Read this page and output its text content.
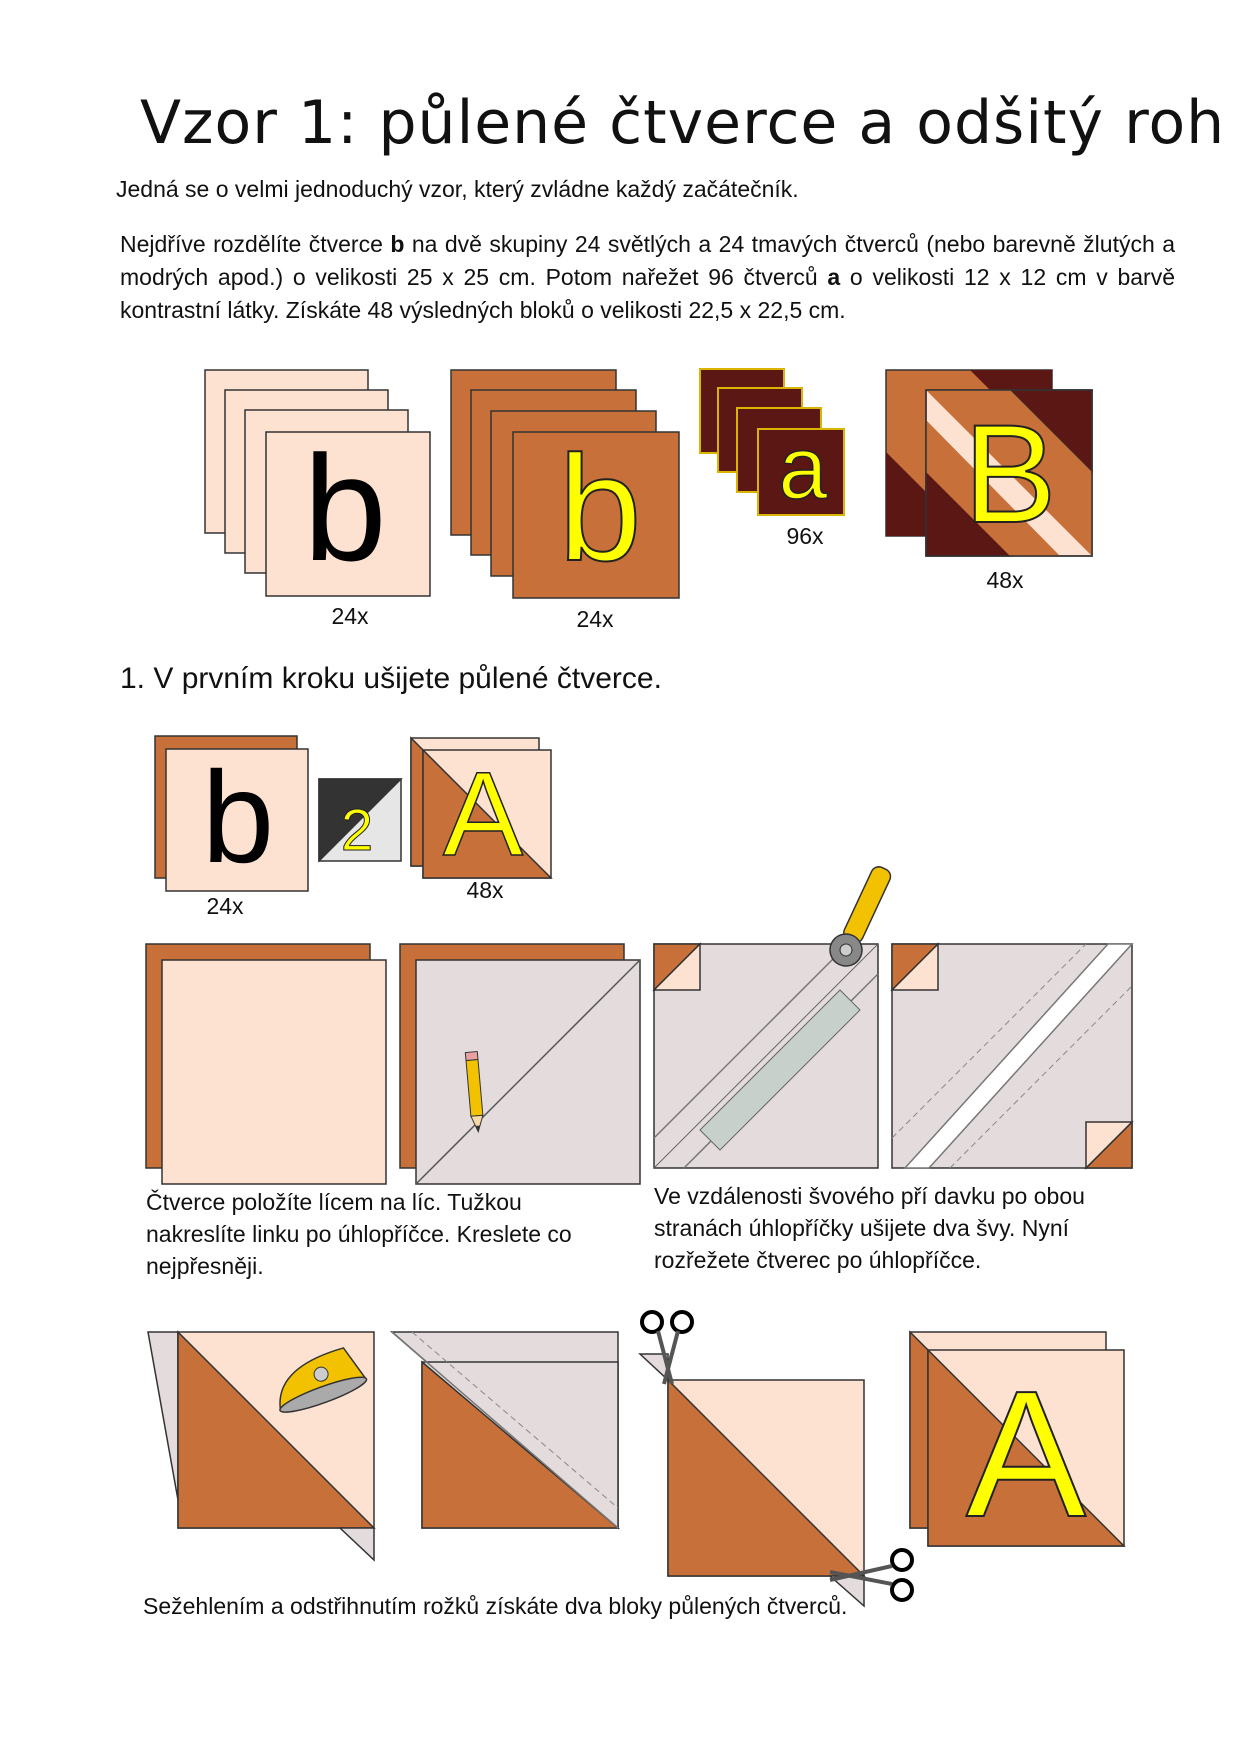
Vzor 1: půlené čtverce a odšitý roh
Jedná se o velmi jednoduchý vzor, který zvládne každý začátečník.
Nejdříve rozdělíte čtverce b na dvě skupiny 24 světlých a 24 tmavých čtverců (nebo barevně žlutých a modrých apod.) o velikosti 25 x 25 cm. Potom nařežet 96 čtverců a o velikosti 12 x 12 cm v barvě kontrastní látky. Získáte 48 výsledných bloků o velikosti 22,5 x 22,5 cm.
b
24x
b
24x
a
96x B
48x
b
24x
2 A
48x
A
1. V prvním kroku ušijete půlené čtverce.
Čtverce položíte lícem na líc. Tužkou nakreslíte linku po úhlopříčce. Kreslete co nejpřesněji.
Ve vzdálenosti švového pří davku po obou stranách úhlopříčky ušijete dva švy. Nyní rozřežete čtverec po úhlopříčce.
Sežehlením a odstřihnutím rožků získáte dva bloky půlených čtverců.
